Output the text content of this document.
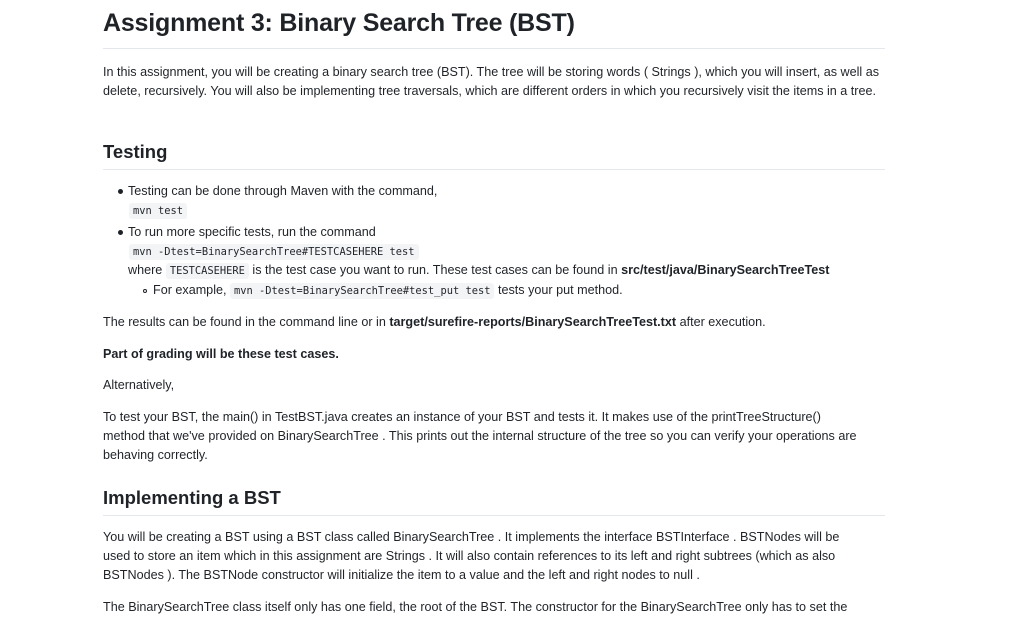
Assignment 3: Binary Search Tree (BST)
In this assignment, you will be creating a binary search tree (BST). The tree will be storing words ( Strings ), which you will insert, as well as delete, recursively. You will also be implementing tree traversals, which are different orders in which you recursively visit the items in a tree.
Testing
Testing can be done through Maven with the command,
mvn test
To run more specific tests, run the command
mvn -Dtest=BinarySearchTree#TESTCASEHERE test
where TESTCASEHERE is the test case you want to run. These test cases can be found in src/test/java/BinarySearchTreeTest
For example, mvn -Dtest=BinarySearchTree#test_put test tests your put method.
The results can be found in the command line or in target/surefire-reports/BinarySearchTreeTest.txt after execution.
Part of grading will be these test cases.
Alternatively,
To test your BST, the main() in TestBST.java creates an instance of your BST and tests it. It makes use of the printTreeStructure()
method that we've provided on BinarySearchTree . This prints out the internal structure of the tree so you can verify your operations are
behaving correctly.
Implementing a BST
You will be creating a BST using a BST class called BinarySearchTree . It implements the interface BSTInterface . BSTNodes will be
used to store an item which in this assignment are Strings . It will also contain references to its left and right subtrees (which as also
BSTNodes ). The BSTNode constructor will initialize the item to a value and the left and right nodes to null .
The BinarySearchTree class itself only has one field, the root of the BST. The constructor for the BinarySearchTree only has to set the
